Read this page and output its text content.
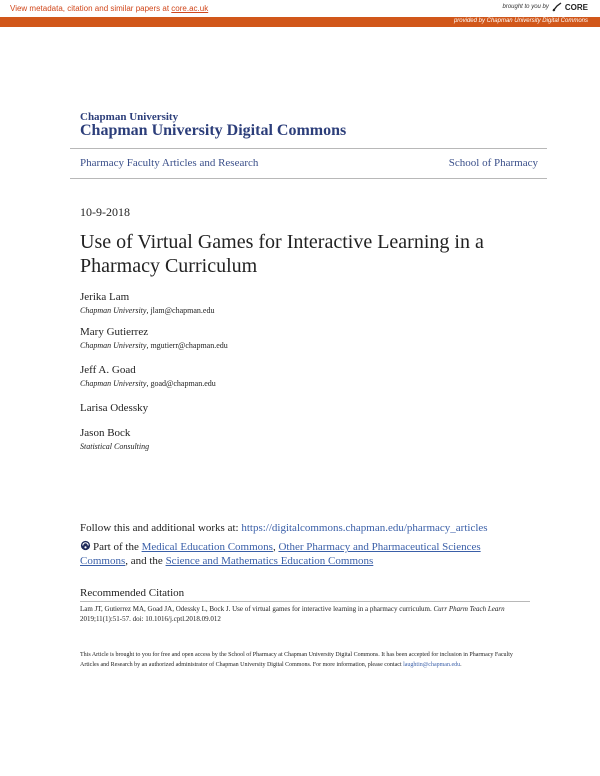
View metadata, citation and similar papers at core.ac.uk	brought to you by CORE
provided by Chapman University Digital Commons
Chapman University
Chapman University Digital Commons
Pharmacy Faculty Articles and Research	School of Pharmacy
10-9-2018
Use of Virtual Games for Interactive Learning in a Pharmacy Curriculum
Jerika Lam
Chapman University, jlam@chapman.edu
Mary Gutierrez
Chapman University, mgutierr@chapman.edu
Jeff A. Goad
Chapman University, goad@chapman.edu
Larisa Odessky
Jason Bock
Statistical Consulting
Follow this and additional works at: https://digitalcommons.chapman.edu/pharmacy_articles
Part of the Medical Education Commons, Other Pharmacy and Pharmaceutical Sciences Commons, and the Science and Mathematics Education Commons
Recommended Citation
Lam JT, Gutierrez MA, Goad JA, Odessky L, Bock J. Use of virtual games for interactive learning in a pharmacy curriculum. Curr Pharm Teach Learn 2019;11(1):51-57. doi: 10.1016/j.cptl.2018.09.012
This Article is brought to you for free and open access by the School of Pharmacy at Chapman University Digital Commons. It has been accepted for inclusion in Pharmacy Faculty Articles and Research by an authorized administrator of Chapman University Digital Commons. For more information, please contact laughtin@chapman.edu.
